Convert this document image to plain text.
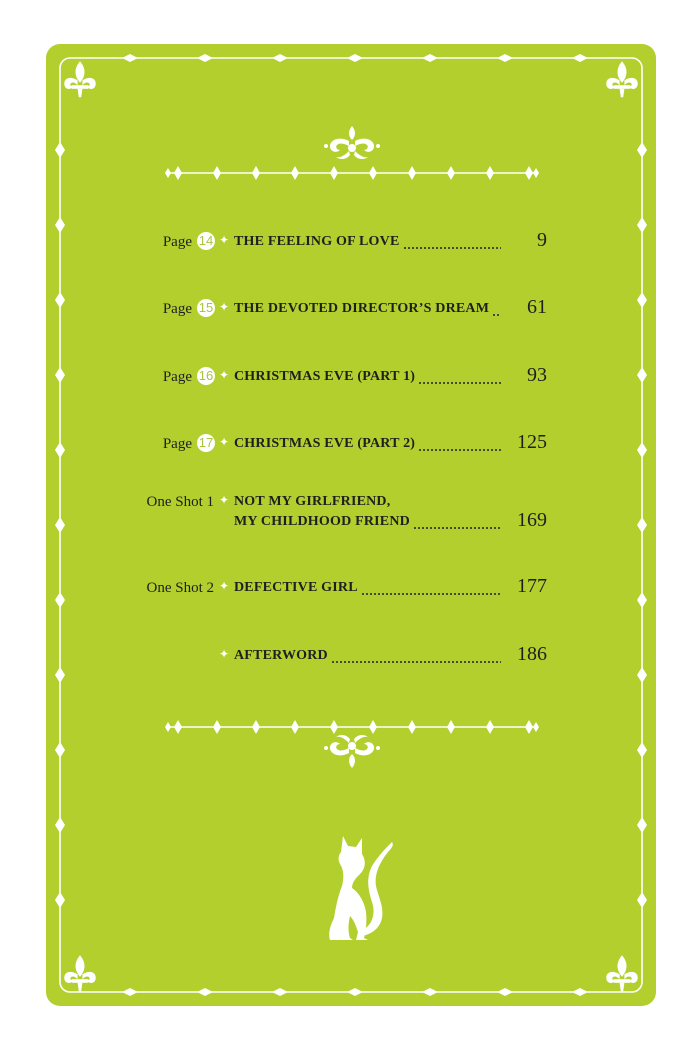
Page 14 ✦ THE FEELING OF LOVE	9
Page 15 ✦ THE DEVOTED DIRECTOR’S DREAM	61
Page 16 ✦ CHRISTMAS EVE (PART 1)	93
Page 17 ✦ CHRISTMAS EVE (PART 2)	125
One Shot 1 ✦ NOT MY GIRLFRIEND,
MY CHILDHOOD FRIEND	169
One Shot 2 ✦ DEFECTIVE GIRL	177
✦ AFTERWORD	186
